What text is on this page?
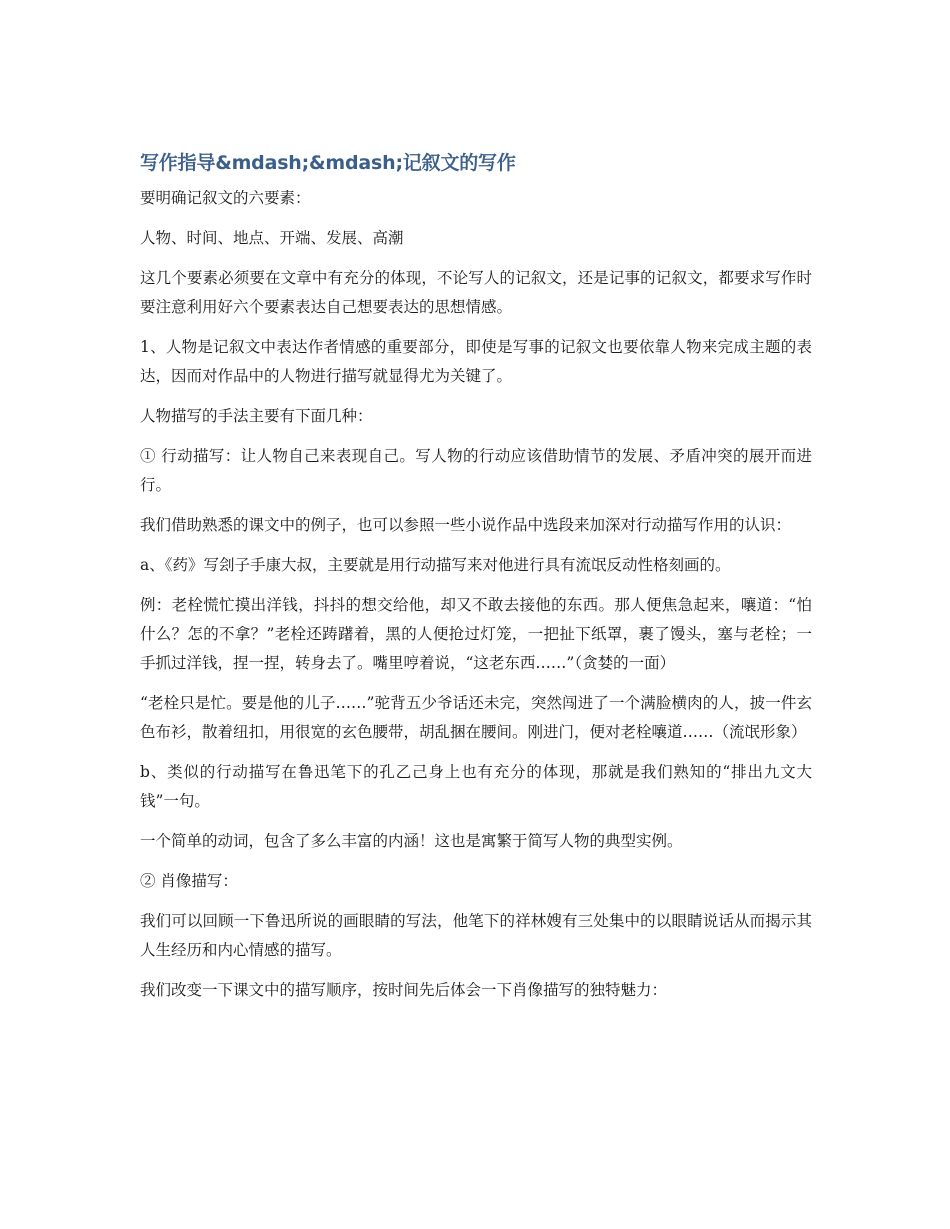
写作指导&mdash;&mdash;记叙文的写作

要明确记叙文的六要素：

人物、时间、地点、开端、发展、高潮

这几个要素必须要在文章中有充分的体现，不论写人的记叙文，还是记事的记叙文，都要求写作时要注意利用好六个要素表达自己想要表达的思想情感。

1、人物是记叙文中表达作者情感的重要部分，即使是写事的记叙文也要依靠人物来完成主题的表达，因而对作品中的人物进行描写就显得尤为关键了。

人物描写的手法主要有下面几种：

① 行动描写：让人物自己来表现自己。写人物的行动应该借助情节的发展、矛盾冲突的展开而进行。

我们借助熟悉的课文中的例子，也可以参照一些小说作品中选段来加深对行动描写作用的认识：

a、《药》写刽子手康大叔，主要就是用行动描写来对他进行具有流氓反动性格刻画的。

例：老栓慌忙摸出洋钱，抖抖的想交给他，却又不敢去接他的东西。那人便焦急起来，嚷道：“怕什么？怎的不拿？”老栓还踌躇着，黑的人便抢过灯笼，一把扯下纸罩，裹了馒头，塞与老栓；一手抓过洋钱，捏一捏，转身去了。嘴里哼着说，“这老东西……”（贪婪的一面）

“老栓只是忙。要是他的儿子……”驼背五少爷话还未完，突然闯进了一个满脸横肉的人，披一件玄色布衫，散着纽扣，用很宽的玄色腰带，胡乱捆在腰间。刚进门，便对老栓嚷道……（流氓形象）

b、类似的行动描写在鲁迅笔下的孔乙己身上也有充分的体现，那就是我们熟知的“排出九文大钱”一句。

一个简单的动词，包含了多么丰富的内涵！这也是寓繁于简写人物的典型实例。

② 肖像描写：

我们可以回顾一下鲁迅所说的画眼睛的写法，他笔下的祥林嫂有三处集中的以眼睛说话从而揭示其人生经历和内心情感的描写。

我们改变一下课文中的描写顺序，按时间先后体会一下肖像描写的独特魅力：
